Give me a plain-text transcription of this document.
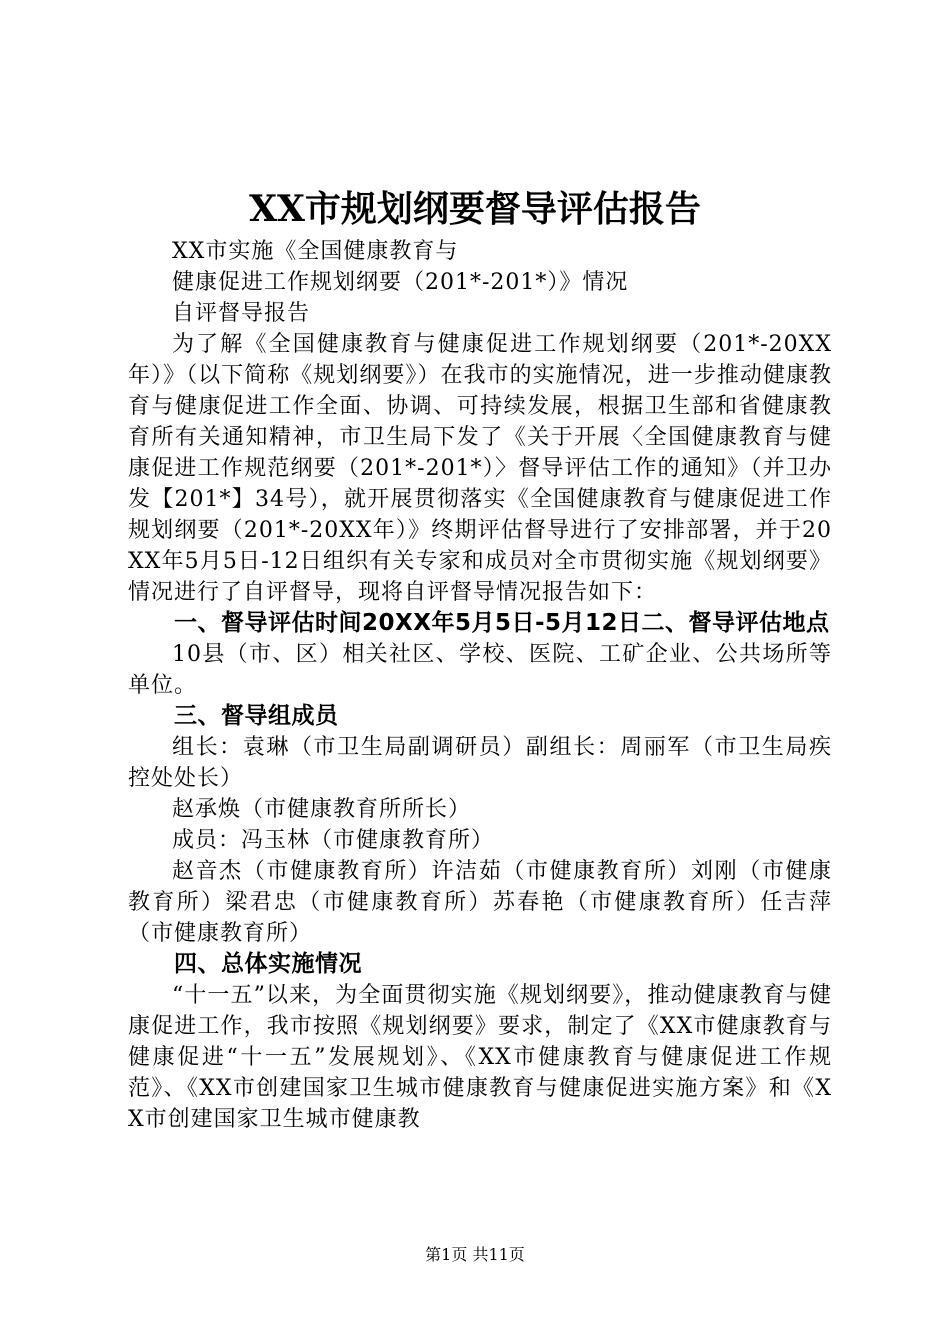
XX市规划纲要督导评估报告

XX市实施《全国健康教育与

健康促进工作规划纲要（201*-201*）》情况

自评督导报告

为了解《全国健康教育与健康促进工作规划纲要（201*-20XX年）》（以下简称《规划纲要》）在我市的实施情况，进一步推动健康教育与健康促进工作全面、协调、可持续发展，根据卫生部和省健康教育所有关通知精神，市卫生局下发了《关于开展〈全国健康教育与健康促进工作规范纲要（201*-201*）〉督导评估工作的通知》（并卫办发【201*】34号），就开展贯彻落实《全国健康教育与健康促进工作规划纲要（201*-20XX年）》终期评估督导进行了安排部署，并于20XX年5月5日-12日组织有关专家和成员对全市贯彻实施《规划纲要》情况进行了自评督导，现将自评督导情况报告如下：

一、督导评估时间20XX年5月5日-5月12日二、督导评估地点

10县（市、区）相关社区、学校、医院、工矿企业、公共场所等单位。

三、督导组成员

组长：袁琳（市卫生局副调研员）副组长：周丽军（市卫生局疾控处处长）

赵承焕（市健康教育所所长）

成员：冯玉林（市健康教育所）

赵音杰（市健康教育所）许洁茹（市健康教育所）刘刚（市健康教育所）梁君忠（市健康教育所）苏春艳（市健康教育所）任吉萍（市健康教育所）

四、总体实施情况

“十一五”以来，为全面贯彻实施《规划纲要》，推动健康教育与健康促进工作，我市按照《规划纲要》要求，制定了《XX市健康教育与健康促进“十一五”发展规划》、《XX市健康教育与健康促进工作规范》、《XX市创建国家卫生城市健康教育与健康促进实施方案》和《XX市创建国家卫生城市健康教

第1页 共11页
